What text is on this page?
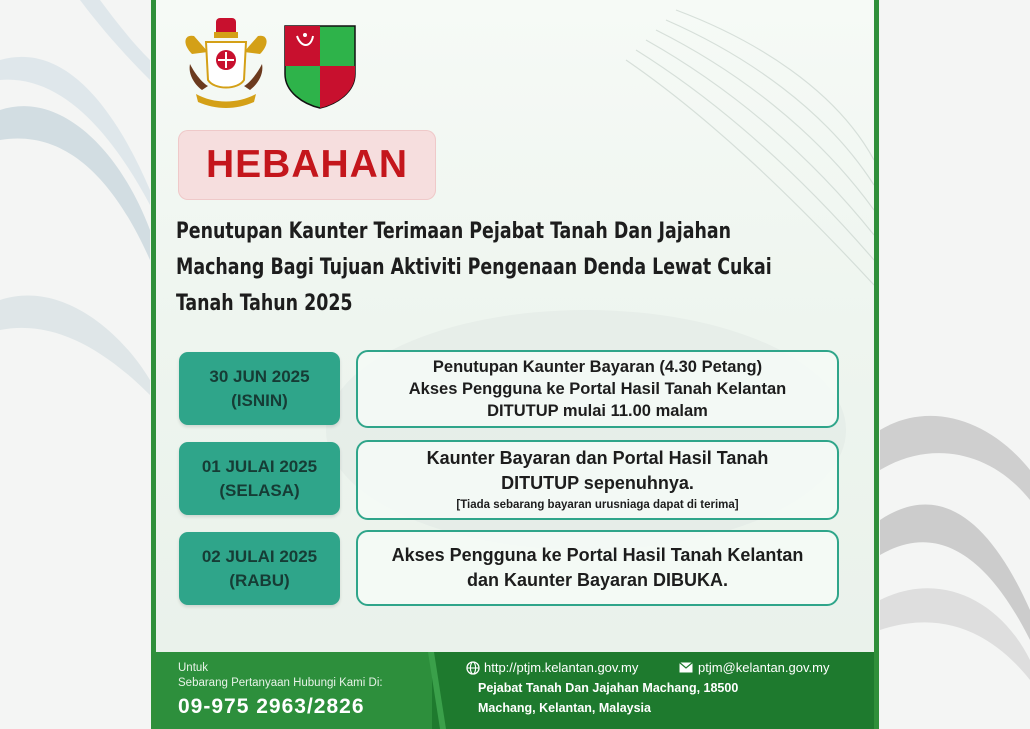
HEBAHAN
Penutupan Kaunter Terimaan Pejabat Tanah Dan Jajahan
Machang Bagi Tujuan Aktiviti Pengenaan Denda Lewat Cukai
Tanah Tahun 2025
30 JUN 2025
(ISNIN)
Penutupan Kaunter Bayaran (4.30 Petang)
Akses Pengguna ke Portal Hasil Tanah Kelantan
DITUTUP mulai 11.00 malam
01 JULAI 2025
(SELASA)
Kaunter Bayaran dan Portal Hasil Tanah
DITUTUP sepenuhnya.
[Tiada sebarang bayaran urusniaga dapat di terima]
02 JULAI 2025
(RABU)
Akses Pengguna ke Portal Hasil Tanah Kelantan
dan Kaunter Bayaran DIBUKA.
Untuk
Sebarang Pertanyaan Hubungi Kami Di:
09-975 2963/2826
http://ptjm.kelantan.gov.my	ptjm@kelantan.gov.my
Pejabat Tanah Dan Jajahan Machang, 18500
Machang, Kelantan, Malaysia
